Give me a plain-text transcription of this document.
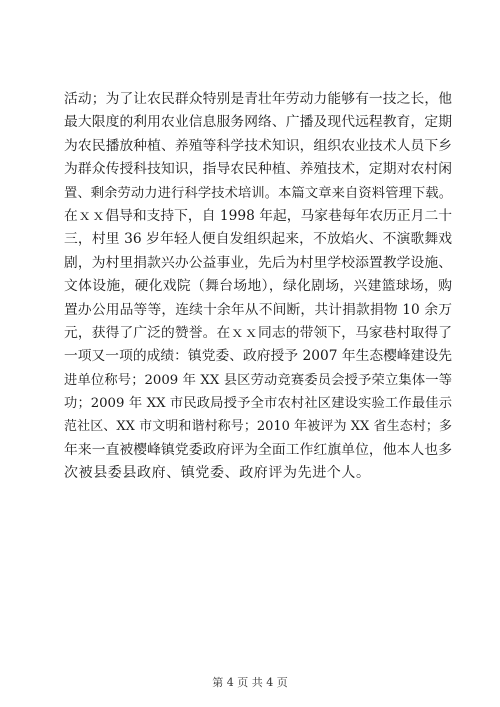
活动；为了让农民群众特别是青壮年劳动力能够有一技之长，他
最大限度的利用农业信息服务网络、广播及现代远程教育，定期
为农民播放种植、养殖等科学技术知识，组织农业技术人员下乡
为群众传授科技知识，指导农民种植、养殖技术，定期对农村闲
置、剩余劳动力进行科学技术培训。本篇文章来自资料管理下载。
在ｘｘ倡导和支持下，自 1998 年起，马家巷每年农历正月二十
三，村里 36 岁年轻人便自发组织起来，不放焰火、不演歌舞戏
剧，为村里捐款兴办公益事业，先后为村里学校添置教学设施、
文体设施，硬化戏院（舞台场地），绿化剧场，兴建篮球场，购
置办公用品等等，连续十余年从不间断，共计捐款捐物 10 余万
元，获得了广泛的赞誉。在ｘｘ同志的带领下，马家巷村取得了
一项又一项的成绩：镇党委、政府授予 2007 年生态樱峰建设先
进单位称号；2009 年 XX 县区劳动竞赛委员会授予荣立集体一等
功；2009 年 XX 市民政局授予全市农村社区建设实验工作最佳示
范社区、XX 市文明和谐村称号；2010 年被评为 XX 省生态村；多
年来一直被樱峰镇党委政府评为全面工作红旗单位，他本人也多
次被县委县政府、镇党委、政府评为先进个人。
第 4 页 共 4 页
